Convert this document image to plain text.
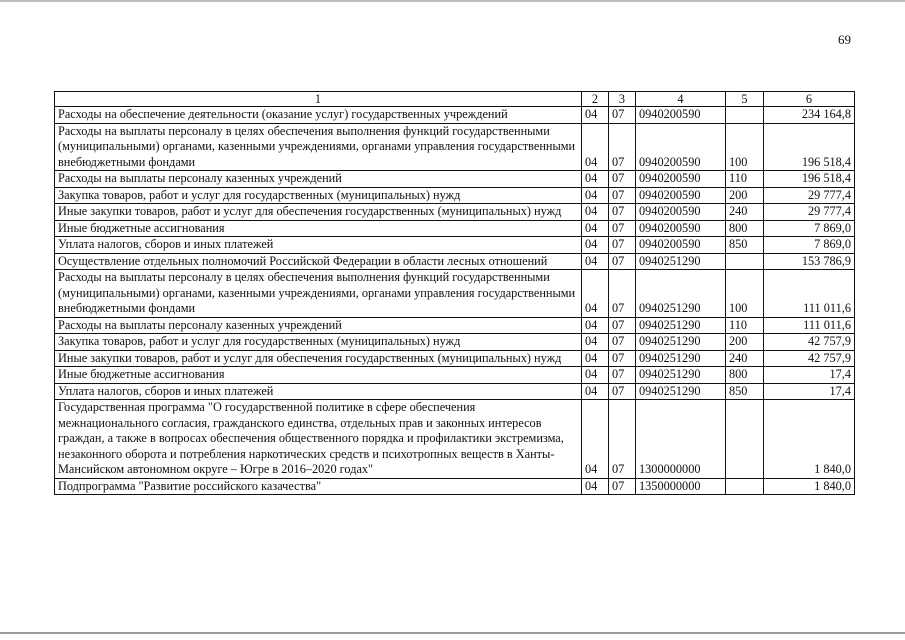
69
1	2	3	4	5	6
Расходы на обеспечение деятельности (оказание услуг) государственных учреждений	04	07	0940200590		234 164,8
Расходы на выплаты персоналу в целях обеспечения выполнения функций государственными (муниципальными) органами, казенными учреждениями, органами управления государственными внебюджетными фондами	04	07	0940200590	100	196 518,4
Расходы на выплаты персоналу казенных учреждений	04	07	0940200590	110	196 518,4
Закупка товаров, работ и услуг для государственных (муниципальных) нужд	04	07	0940200590	200	29 777,4
Иные закупки товаров, работ и услуг для обеспечения государственных (муниципальных) нужд	04	07	0940200590	240	29 777,4
Иные бюджетные ассигнования	04	07	0940200590	800	7 869,0
Уплата налогов, сборов и иных платежей	04	07	0940200590	850	7 869,0
Осуществление отдельных полномочий Российской Федерации в области лесных отношений	04	07	0940251290		153 786,9
Расходы на выплаты персоналу в целях обеспечения выполнения функций государственными (муниципальными) органами, казенными учреждениями, органами управления государственными внебюджетными фондами	04	07	0940251290	100	111 011,6
Расходы на выплаты персоналу казенных учреждений	04	07	0940251290	110	111 011,6
Закупка товаров, работ и услуг для государственных (муниципальных) нужд	04	07	0940251290	200	42 757,9
Иные закупки товаров, работ и услуг для обеспечения государственных (муниципальных) нужд	04	07	0940251290	240	42 757,9
Иные бюджетные ассигнования	04	07	0940251290	800	17,4
Уплата налогов, сборов и иных платежей	04	07	0940251290	850	17,4
Государственная программа "О государственной политике в сфере обеспечения межнационального согласия, гражданского единства, отдельных прав и законных интересов граждан, а также в вопросах обеспечения общественного порядка и профилактики экстремизма, незаконного оборота и потребления наркотических средств и психотропных веществ в Ханты-Мансийском автономном округе – Югре в 2016–2020 годах"	04	07	1300000000		1 840,0
Подпрограмма "Развитие российского казачества"	04	07	1350000000		1 840,0
